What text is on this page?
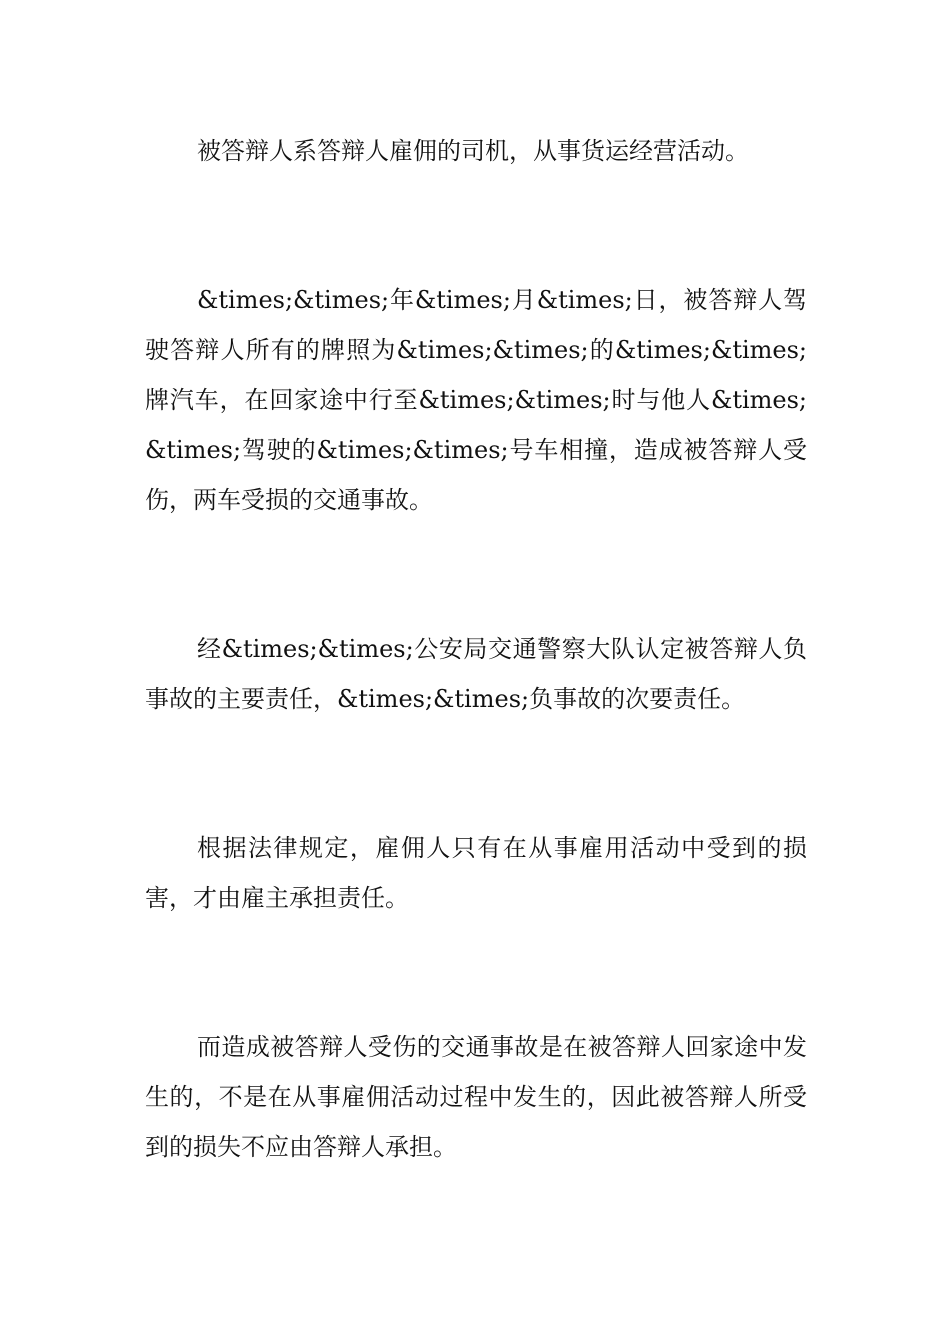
被答辩人系答辩人雇佣的司机，从事货运经营活动。

&times;&times;年&times;月&times;日，被答辩人驾驶答辩人所有的牌照为&times;&times;的&times;&times;牌汽车，在回家途中行至&times;&times;时与他人&times;&times;驾驶的&times;&times;号车相撞，造成被答辩人受伤，两车受损的交通事故。

经&times;&times;公安局交通警察大队认定被答辩人负事故的主要责任，&times;&times;负事故的次要责任。

根据法律规定，雇佣人只有在从事雇用活动中受到的损害，才由雇主承担责任。

而造成被答辩人受伤的交通事故是在被答辩人回家途中发生的，不是在从事雇佣活动过程中发生的，因此被答辩人所受到的损失不应由答辩人承担。
